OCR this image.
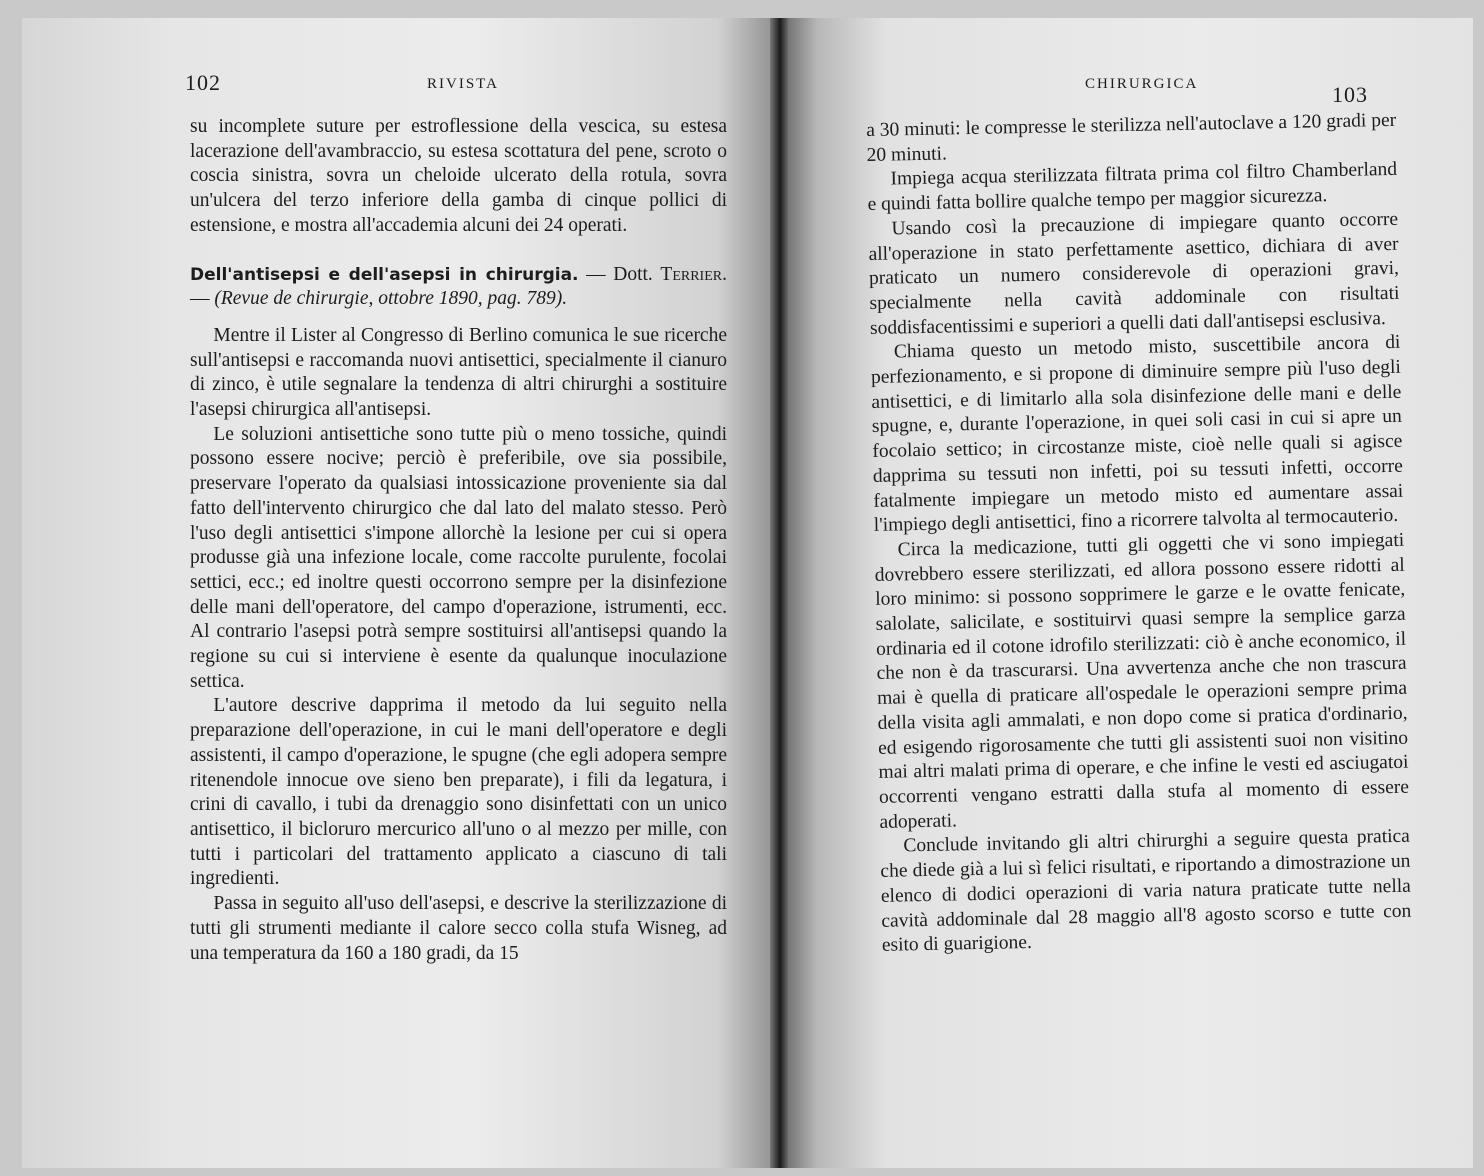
102	RIVISTA

su incomplete suture per estroflessione della vescica, su estesa lacerazione dell'avambraccio, su estesa scottatura del pene, scroto o coscia sinistra, sovra un cheloide ulcerato della rotula, sovra un'ulcera del terzo inferiore della gamba di cinque pollici di estensione, e mostra all'accademia alcuni dei 24 operati.

Dell'antisepsi e dell'asepsi in chirurgia. — Dott. Terrier. — (Revue de chirurgie, ottobre 1890, pag. 789).

Mentre il Lister al Congresso di Berlino comunica le sue ricerche sull'antisepsi e raccomanda nuovi antisettici, specialmente il cianuro di zinco, è utile segnalare la tendenza di altri chirurghi a sostituire l'asepsi chirurgica all'antisepsi.

Le soluzioni antisettiche sono tutte più o meno tossiche, quindi possono essere nocive; perciò è preferibile, ove sia possibile, preservare l'operato da qualsiasi intossicazione proveniente sia dal fatto dell'intervento chirurgico che dal lato del malato stesso. Però l'uso degli antisettici s'impone allorchè la lesione per cui si opera produsse già una infezione locale, come raccolte purulente, focolai settici, ecc.; ed inoltre questi occorrono sempre per la disinfezione delle mani dell'operatore, del campo d'operazione, istrumenti, ecc. Al contrario l'asepsi potrà sempre sostituirsi all'antisepsi quando la regione su cui si interviene è esente da qualunque inoculazione settica.

L'autore descrive dapprima il metodo da lui seguito nella preparazione dell'operazione, in cui le mani dell'operatore e degli assistenti, il campo d'operazione, le spugne (che egli adopera sempre ritenendole innocue ove sieno ben preparate), i fili da legatura, i crini di cavallo, i tubi da drenaggio sono disinfettati con un unico antisettico, il bicloruro mercurico all'uno o al mezzo per mille, con tutti i particolari del trattamento applicato a ciascuno di tali ingredienti.

Passa in seguito all'uso dell'asepsi, e descrive la sterilizzazione di tutti gli strumenti mediante il calore secco colla stufa Wisneg, ad una temperatura da 160 a 180 gradi, da 15

CHIRURGICA	103

a 30 minuti: le compresse le sterilizza nell'autoclave a 120 gradi per 20 minuti.

Impiega acqua sterilizzata filtrata prima col filtro Chamberland e quindi fatta bollire qualche tempo per maggior sicurezza.

Usando così la precauzione di impiegare quanto occorre all'operazione in stato perfettamente asettico, dichiara di aver praticato un numero considerevole di operazioni gravi, specialmente nella cavità addominale con risultati soddisfacentissimi e superiori a quelli dati dall'antisepsi esclusiva.

Chiama questo un metodo misto, suscettibile ancora di perfezionamento, e si propone di diminuire sempre più l'uso degli antisettici, e di limitarlo alla sola disinfezione delle mani e delle spugne, e, durante l'operazione, in quei soli casi in cui si apre un focolaio settico; in circostanze miste, cioè nelle quali si agisce dapprima su tessuti non infetti, poi su tessuti infetti, occorre fatalmente impiegare un metodo misto ed aumentare assai l'impiego degli antisettici, fino a ricorrere talvolta al termocauterio.

Circa la medicazione, tutti gli oggetti che vi sono impiegati dovrebbero essere sterilizzati, ed allora possono essere ridotti al loro minimo: si possono sopprimere le garze e le ovatte fenicate, salolate, salicilate, e sostituirvi quasi sempre la semplice garza ordinaria ed il cotone idrofilo sterilizzati: ciò è anche economico, il che non è da trascurarsi. Una avvertenza anche che non trascura mai è quella di praticare all'ospedale le operazioni sempre prima della visita agli ammalati, e non dopo come si pratica d'ordinario, ed esigendo rigorosamente che tutti gli assistenti suoi non visitino mai altri malati prima di operare, e che infine le vesti ed asciugatoi occorrenti vengano estratti dalla stufa al momento di essere adoperati.

Conclude invitando gli altri chirurghi a seguire questa pratica che diede già a lui sì felici risultati, e riportando a dimostrazione un elenco di dodici operazioni di varia natura praticate tutte nella cavità addominale dal 28 maggio all'8 agosto scorso e tutte con esito di guarigione.
